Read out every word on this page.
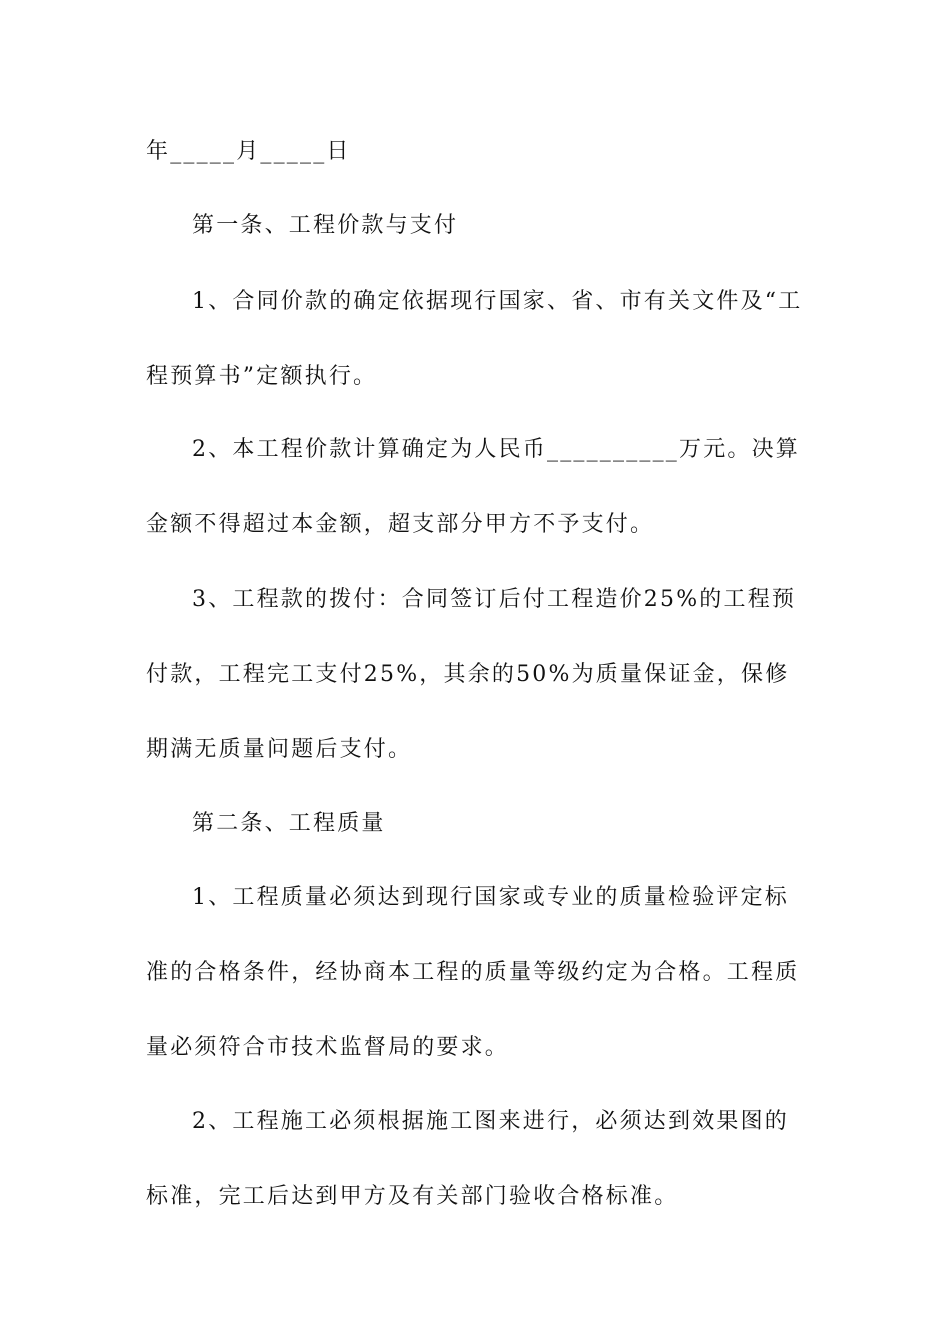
年_____月_____日

第一条、工程价款与支付

1、合同价款的确定依据现行国家、省、市有关文件及“工程预算书”定额执行。

2、本工程价款计算确定为人民币__________万元。决算金额不得超过本金额，超支部分甲方不予支付。

3、工程款的拨付：合同签订后付工程造价25%的工程预付款，工程完工支付25%，其余的50%为质量保证金，保修期满无质量问题后支付。

第二条、工程质量

1、工程质量必须达到现行国家或专业的质量检验评定标准的合格条件，经协商本工程的质量等级约定为合格。工程质量必须符合市技术监督局的要求。

2、工程施工必须根据施工图来进行，必须达到效果图的标准，完工后达到甲方及有关部门验收合格标准。
